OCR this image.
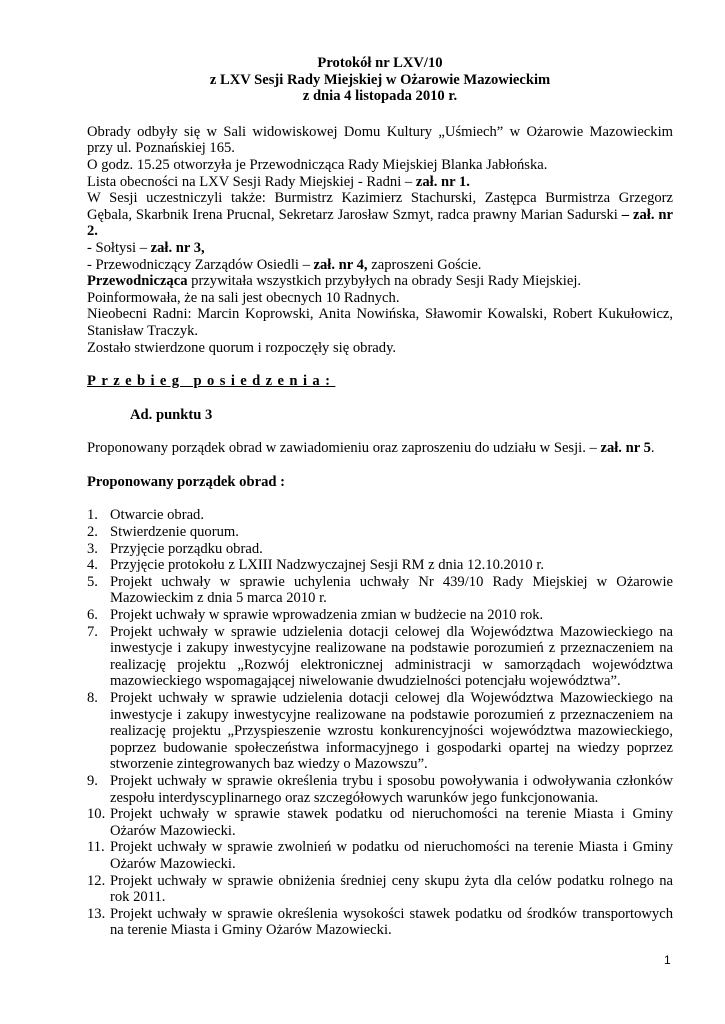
Protokół nr LXV/10
z LXV Sesji Rady Miejskiej w Ożarowie Mazowieckim
z dnia 4 listopada 2010 r.

Obrady odbyły się w Sali widowiskowej Domu Kultury „Uśmiech” w Ożarowie Mazowieckim przy ul. Poznańskiej 165.

O godz. 15.25 otworzyła je Przewodnicząca Rady Miejskiej Blanka Jabłońska.

Lista obecności na LXV Sesji Rady Miejskiej - Radni – zał. nr 1.

W Sesji uczestniczyli także: Burmistrz Kazimierz Stachurski, Zastępca Burmistrza Grzegorz Gębala, Skarbnik Irena Prucnal, Sekretarz Jarosław Szmyt, radca prawny Marian Sadurski – zał. nr 2.

- Sołtysi – zał. nr 3,

- Przewodniczący Zarządów Osiedli – zał. nr 4, zaproszeni Goście.

Przewodnicząca przywitała wszystkich przybyłych na obrady Sesji Rady Miejskiej.

Poinformowała, że na sali jest obecnych 10 Radnych.

Nieobecni Radni: Marcin Koprowski, Anita Nowińska, Sławomir Kowalski, Robert Kukułowicz, Stanisław Traczyk.

Zostało stwierdzone quorum i rozpoczęły się obrady.

Przebieg posiedzenia:

Ad. punktu 3

Proponowany porządek obrad w zawiadomieniu oraz zaproszeniu do udziału w Sesji. – zał. nr 5.

Proponowany porządek obrad :

1. Otwarcie obrad.
2. Stwierdzenie quorum.
3. Przyjęcie porządku obrad.
4. Przyjęcie protokołu z LXIII Nadzwyczajnej Sesji RM z dnia 12.10.2010 r.
5. Projekt uchwały w sprawie uchylenia uchwały Nr 439/10 Rady Miejskiej w Ożarowie Mazowieckim z dnia 5 marca 2010 r.
6. Projekt uchwały w sprawie wprowadzenia zmian w budżecie na 2010 rok.
7. Projekt uchwały w sprawie udzielenia dotacji celowej dla Województwa Mazowieckiego na inwestycje i zakupy inwestycyjne realizowane na podstawie porozumień z przeznaczeniem na realizację projektu „Rozwój elektronicznej administracji w samorządach województwa mazowieckiego wspomagającej niwelowanie dwudzielności potencjału województwa”.
8. Projekt uchwały w sprawie udzielenia dotacji celowej dla Województwa Mazowieckiego na inwestycje i zakupy inwestycyjne realizowane na podstawie porozumień z przeznaczeniem na realizację projektu „Przyspieszenie wzrostu konkurencyjności województwa mazowieckiego, poprzez budowanie społeczeństwa informacyjnego i gospodarki opartej na wiedzy poprzez stworzenie zintegrowanych baz wiedzy o Mazowszu”.
9. Projekt uchwały w sprawie określenia trybu i sposobu powoływania i odwoływania członków zespołu interdyscyplinarnego oraz szczegółowych warunków jego funkcjonowania.
10. Projekt uchwały w sprawie stawek podatku od nieruchomości na terenie Miasta i Gminy Ożarów Mazowiecki.
11. Projekt uchwały w sprawie zwolnień w podatku od nieruchomości na terenie Miasta i Gminy Ożarów Mazowiecki.
12. Projekt uchwały w sprawie obniżenia średniej ceny skupu żyta dla celów podatku rolnego na rok 2011.
13. Projekt uchwały w sprawie określenia wysokości stawek podatku od środków transportowych na terenie Miasta i Gminy Ożarów Mazowiecki.
1
